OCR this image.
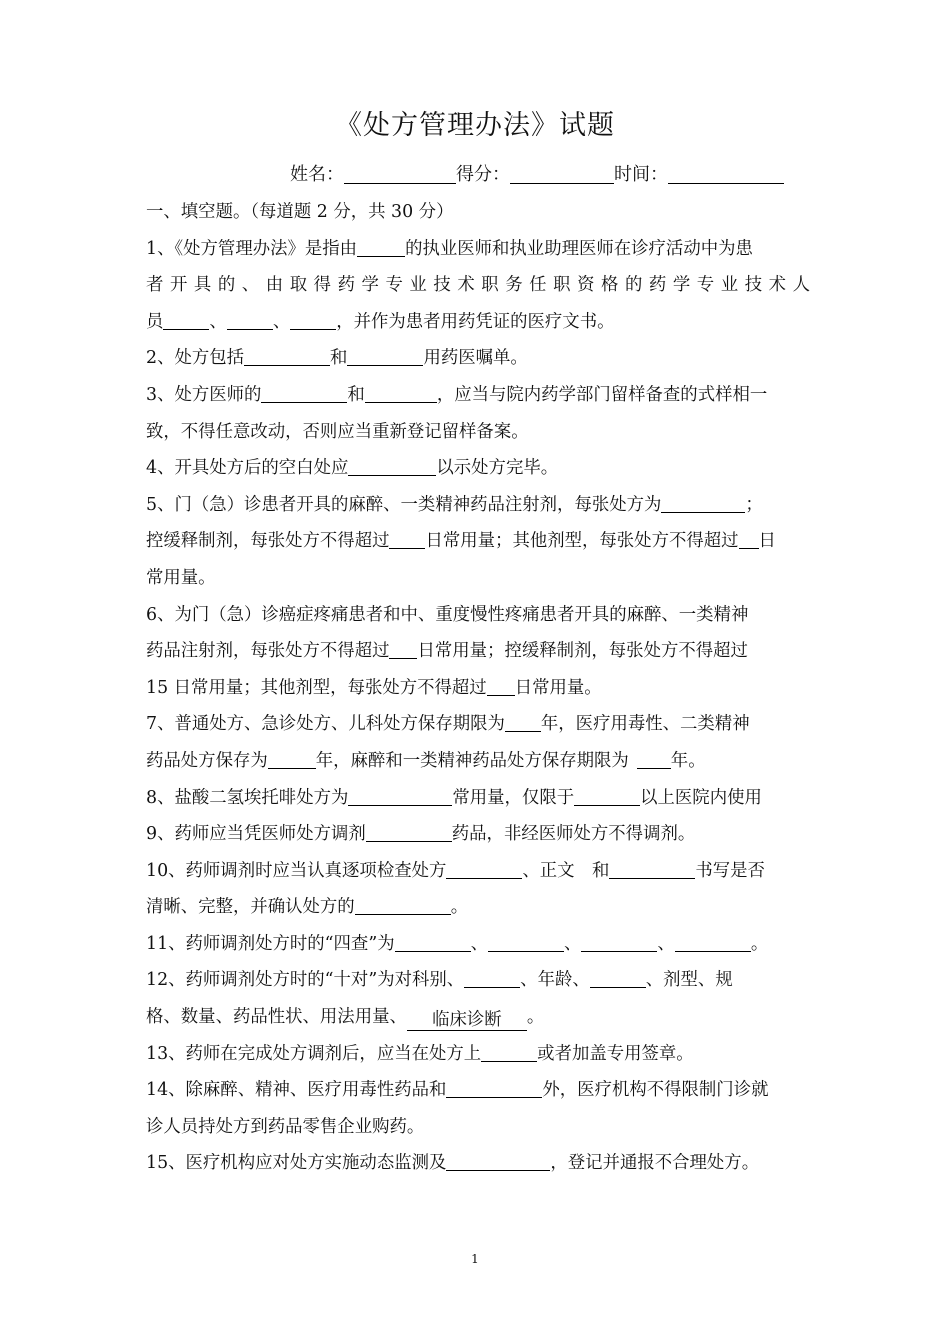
《处方管理办法》试题
姓名：	得分：	时间：
一、填空题。（每道题 2 分，共 30 分）
1、《处方管理办法》是指由	的执业医师和执业助理医师在诊疗活动中为患
者开具的、由取得药学专业技术职务任职资格的药学专业技术人
员	、	、	，并作为患者用药凭证的医疗文书。
2、处方包括	和	用药医嘱单。
3、处方医师的	和	，应当与院内药学部门留样备查的式样相一
致，不得任意改动，否则应当重新登记留样备案。
4、开具处方后的空白处应	以示处方完毕。
5、门（急）诊患者开具的麻醉、一类精神药品注射剂，每张处方为	；
控缓释制剂，每张处方不得超过 日常用量；其他剂型，每张处方不得超过 日
常用量。
6、为门（急）诊癌症疼痛患者和中、重度慢性疼痛患者开具的麻醉、一类精神
药品注射剂，每张处方不得超过 日常用量；控缓释制剂，每张处方不得超过
15 日常用量；其他剂型，每张处方不得超过 日常用量。
7、普通处方、急诊处方、儿科处方保存期限为 年，医疗用毒性、二类精神
药品处方保存为	年，麻醉和一类精神药品处方保存期限为 年。
8、盐酸二氢埃托啡处方为	常用量，仅限于	以上医院内使用
9、药师应当凭医师处方调剂	药品，非经医师处方不得调剂。
10、药师调剂时应当认真逐项检查处方	、正文　和	书写是否
清晰、完整，并确认处方的	。
11、药师调剂处方时的“四查”为	、	、	、	。
12、药师调剂处方时的“十对”为对科别、	、年龄、	、剂型、规
格、数量、药品性状、用法用量、 临床诊断 。
13、药师在完成处方调剂后，应当在处方上	或者加盖专用签章。
14、除麻醉、精神、医疗用毒性药品和	外，医疗机构不得限制门诊就
诊人员持处方到药品零售企业购药。
15、医疗机构应对处方实施动态监测及	，登记并通报不合理处方。
1
